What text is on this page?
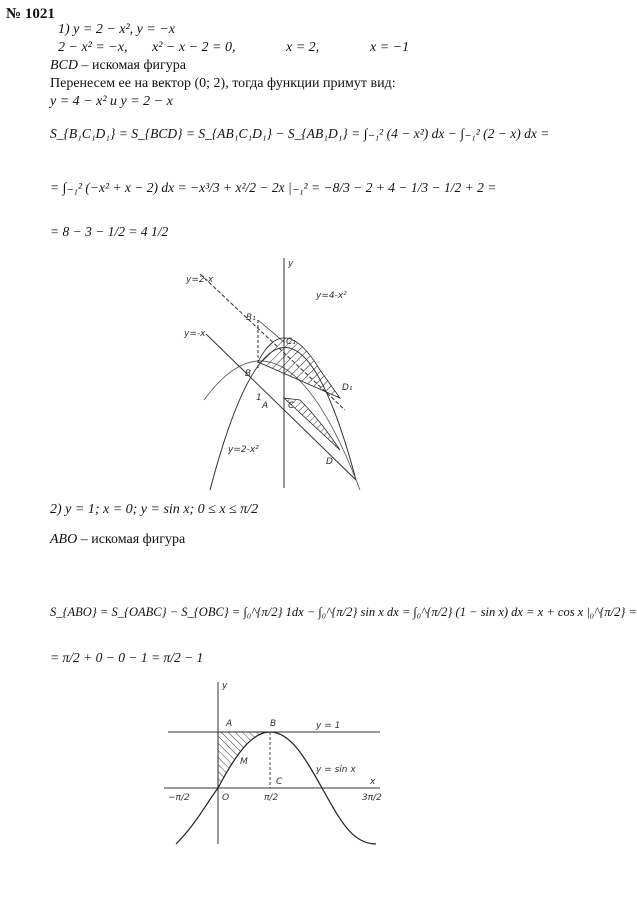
№ 1021
1) y = 2 − x², y = −x
2 − x² = −x, x² − x − 2 = 0,	x = 2,	x = −1
BCD – искомая фигура
Перенесем ее на вектор (0; 2), тогда функции примут вид:
y = 4 − x² и y = 2 − x
S_{B₁C₁D₁} = S_{BCD} = S_{AB₁C₁D₁} − S_{AB₁D₁} = ∫₋₁² (4 − x²) dx − ∫₋₁² (2 − x) dx =
= ∫₋₁² (−x² + x − 2) dx = −x³/3 + x²/2 − 2x |₋₁² = −8/3 − 2 + 4 − 1/3 − 1/2 + 2 =
= 8 − 3 − 1/2 = 4 1/2
y=2-x
y=-x
y=4-x²
y=2-x²
y
B₁
C₁
B
A C
D₁
D
1
2) y = 1; x = 0; y = sin x; 0 ≤ x ≤ π/2
ABO – искомая фигура
S_{ABO} = S_{OABC} − S_{OBC} = ∫₀^{π/2} 1dx − ∫₀^{π/2} sin x dx = ∫₀^{π/2} (1 − sin x) dx = x + cos x |₀^{π/2} =
= π/2 + 0 − 0 − 1 = π/2 − 1
y
x
A	B
M
C
O
y = 1
y = sin x
−π/2	π/2	3π/2
